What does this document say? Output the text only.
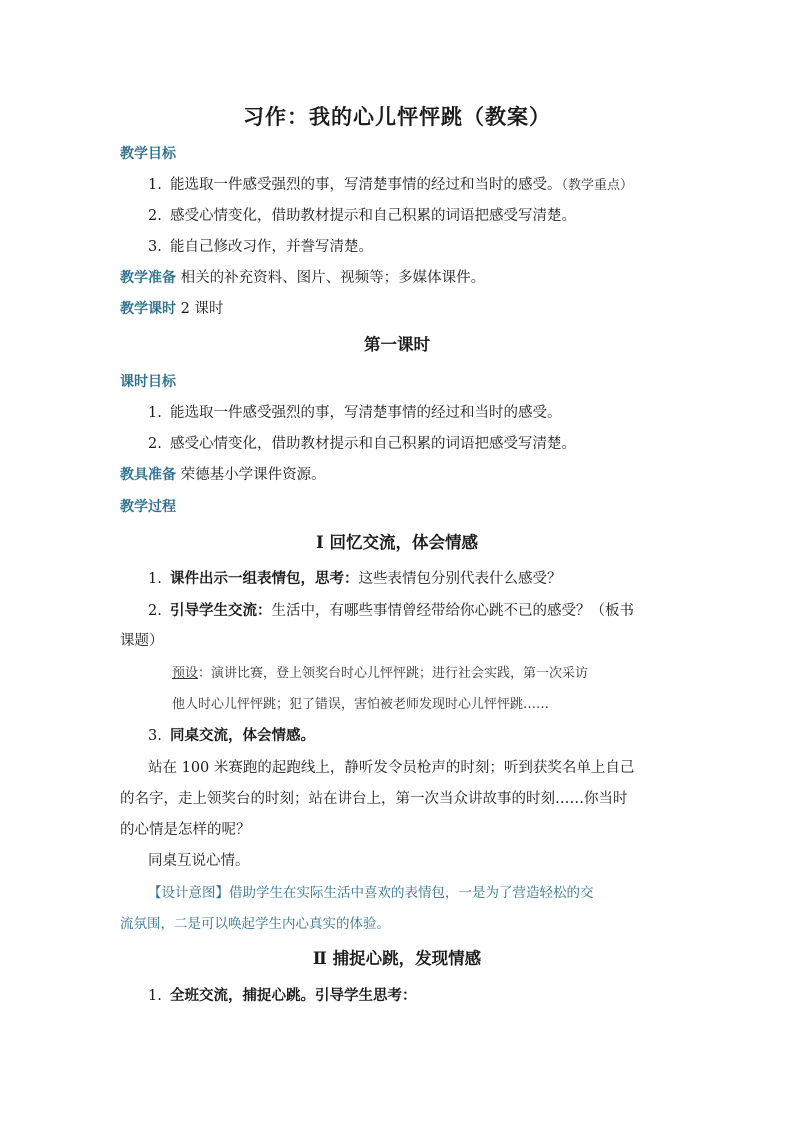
习作：我的心儿怦怦跳（教案）
教学目标
1. 能选取一件感受强烈的事，写清楚事情的经过和当时的感受。（教学重点）
2. 感受心情变化，借助教材提示和自己积累的词语把感受写清楚。
3. 能自己修改习作，并誊写清楚。
教学准备 相关的补充资料、图片、视频等；多媒体课件。
教学课时 2 课时
第一课时
课时目标
1. 能选取一件感受强烈的事，写清楚事情的经过和当时的感受。
2. 感受心情变化，借助教材提示和自己积累的词语把感受写清楚。
教具准备 荣德基小学课件资源。
教学过程
Ⅰ 回忆交流，体会情感
1. 课件出示一组表情包，思考：这些表情包分别代表什么感受？
2. 引导学生交流：生活中，有哪些事情曾经带给你心跳不已的感受？（板书
课题）
预设：演讲比赛，登上领奖台时心儿怦怦跳；进行社会实践，第一次采访
他人时心儿怦怦跳；犯了错误，害怕被老师发现时心儿怦怦跳……
3. 同桌交流，体会情感。
站在 100 米赛跑的起跑线上，静听发令员枪声的时刻；听到获奖名单上自己
的名字，走上领奖台的时刻；站在讲台上，第一次当众讲故事的时刻……你当时
的心情是怎样的呢？
同桌互说心情。
【设计意图】借助学生在实际生活中喜欢的表情包，一是为了营造轻松的交
流氛围，二是可以唤起学生内心真实的体验。
Ⅱ 捕捉心跳，发现情感
1. 全班交流，捕捉心跳。引导学生思考：
